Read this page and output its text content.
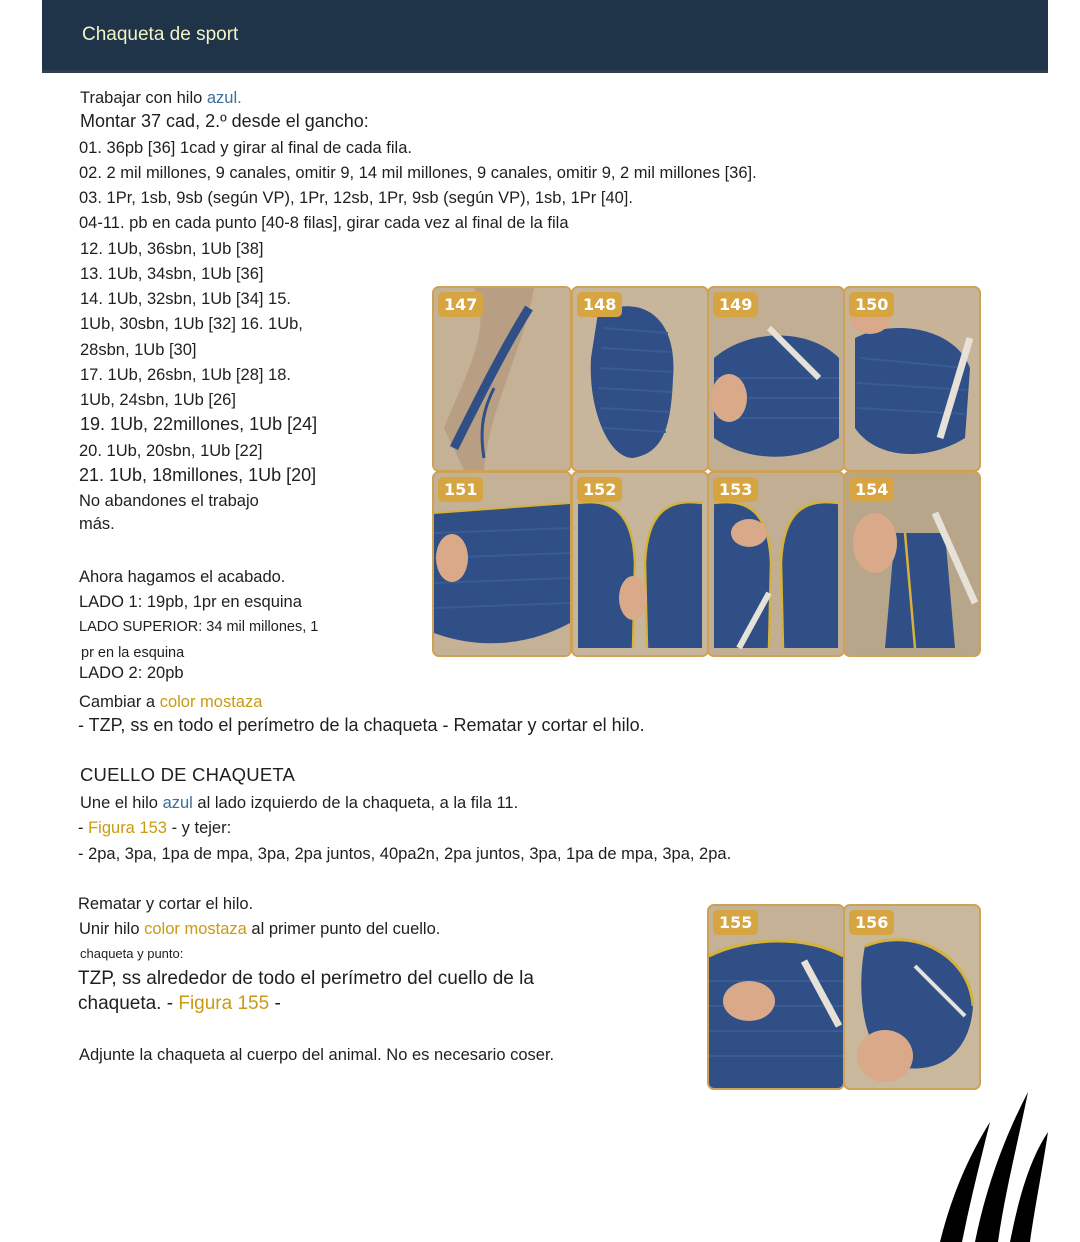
Chaqueta de sport
Trabajar con hilo azul.
Montar 37 cad, 2.º desde el gancho:
01. 36pb [36] 1cad y girar al final de cada fila.
02. 2 mil millones, 9 canales, omitir 9, 14 mil millones, 9 canales, omitir 9, 2 mil millones [36].
03. 1Pr, 1sb, 9sb (según VP), 1Pr, 12sb, 1Pr, 9sb (según VP), 1sb, 1Pr [40].
04-11. pb en cada punto [40-8 filas], girar cada vez al final de la fila
12. 1Ub, 36sbn, 1Ub [38]
13. 1Ub, 34sbn, 1Ub [36]
14. 1Ub, 32sbn, 1Ub [34] 15.
1Ub, 30sbn, 1Ub [32] 16. 1Ub,
28sbn, 1Ub [30]
17. 1Ub, 26sbn, 1Ub [28] 18.
1Ub, 24sbn, 1Ub [26]
19. 1Ub, 22millones, 1Ub [24]
20. 1Ub, 20sbn, 1Ub [22]
21. 1Ub, 18millones, 1Ub [20]
No abandones el trabajo
más.
Ahora hagamos el acabado.
LADO 1: 19pb, 1pr en esquina
LADO SUPERIOR: 34 mil millones, 1
pr en la esquina
LADO 2: 20pb
Cambiar a color mostaza
- TZP, ss en todo el perímetro de la chaqueta - Rematar y cortar el hilo.
CUELLO DE CHAQUETA
Une el hilo azul al lado izquierdo de la chaqueta, a la fila 11.
- Figura 153 - y tejer:
- 2pa, 3pa, 1pa de mpa, 3pa, 2pa juntos, 40pa2n, 2pa juntos, 3pa, 1pa de mpa, 3pa, 2pa.
Rematar y cortar el hilo.
Unir hilo color mostaza al primer punto del cuello.
chaqueta y punto:
TZP, ss alrededor de todo el perímetro del cuello de la
chaqueta. - Figura 155 -
Adjunte la chaqueta al cuerpo del animal. No es necesario coser.
147	148	149	150
151	152	153	154
155	156
